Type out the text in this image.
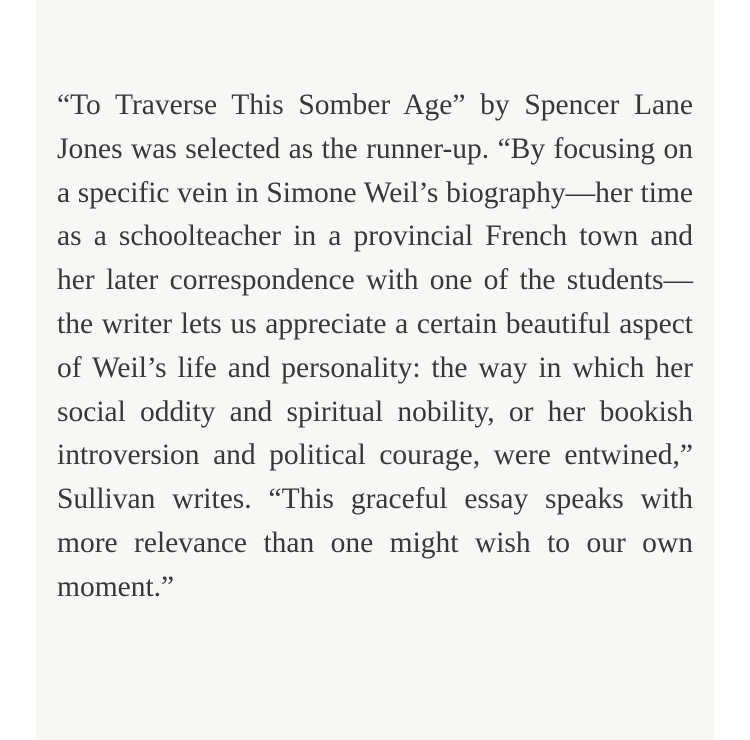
“To Traverse This Somber Age” by Spencer Lane Jones was selected as the runner-up. “By focusing on a specific vein in Simone Weil’s biography—her time as a schoolteacher in a provincial French town and her later correspondence with one of the students—the writer lets us appreciate a certain beautiful aspect of Weil’s life and personality: the way in which her social oddity and spiritual nobility, or her bookish introversion and political courage, were entwined,” Sullivan writes. “This graceful essay speaks with more relevance than one might wish to our own moment.”
